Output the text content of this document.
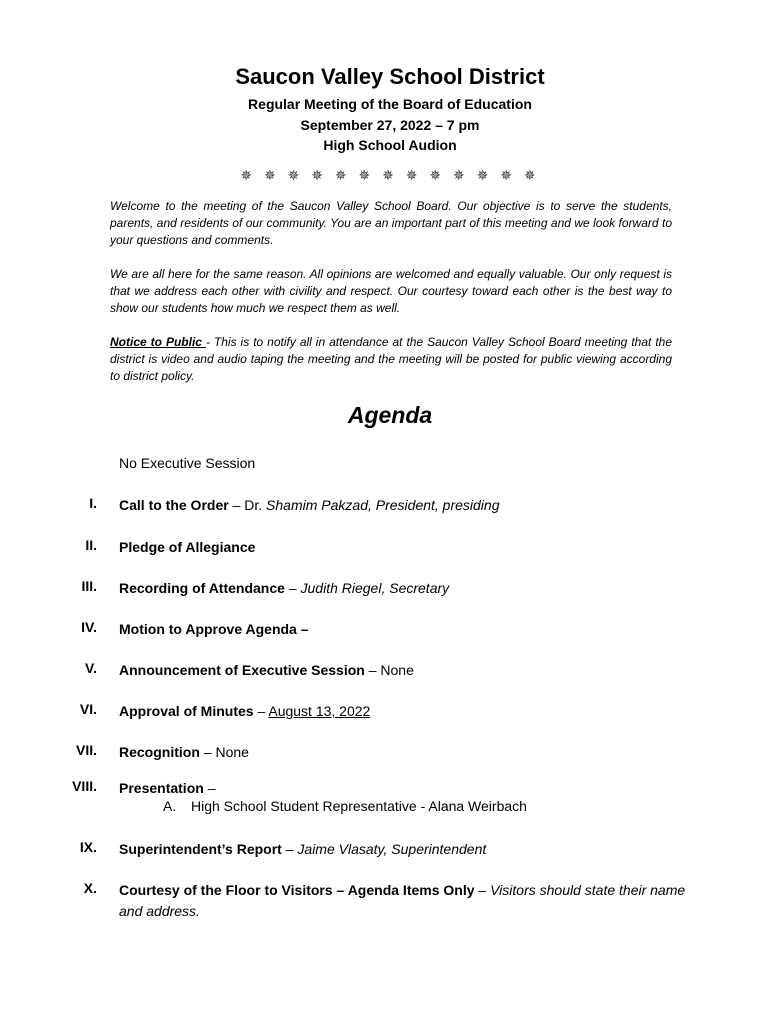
Saucon Valley School District
Regular Meeting of the Board of Education
September 27, 2022 – 7 pm
High School Audion
✵ ✵ ✵ ✵ ✵ ✵ ✵ ✵ ✵ ✵ ✵ ✵ ✵
Welcome to the meeting of the Saucon Valley School Board. Our objective is to serve the students, parents, and residents of our community. You are an important part of this meeting and we look forward to your questions and comments.
We are all here for the same reason. All opinions are welcomed and equally valuable. Our only request is that we address each other with civility and respect. Our courtesy toward each other is the best way to show our students how much we respect them as well.
Notice to Public - This is to notify all in attendance at the Saucon Valley School Board meeting that the district is video and audio taping the meeting and the meeting will be posted for public viewing according to district policy.
Agenda
No Executive Session
I. Call to the Order – Dr. Shamim Pakzad, President, presiding
II. Pledge of Allegiance
III. Recording of Attendance – Judith Riegel, Secretary
IV. Motion to Approve Agenda –
V. Announcement of Executive Session – None
VI. Approval of Minutes – August 13, 2022
VII. Recognition – None
VIII. Presentation –
A. High School Student Representative - Alana Weirbach
IX. Superintendent’s Report – Jaime Vlasaty, Superintendent
X. Courtesy of the Floor to Visitors – Agenda Items Only – Visitors should state their name and address.
